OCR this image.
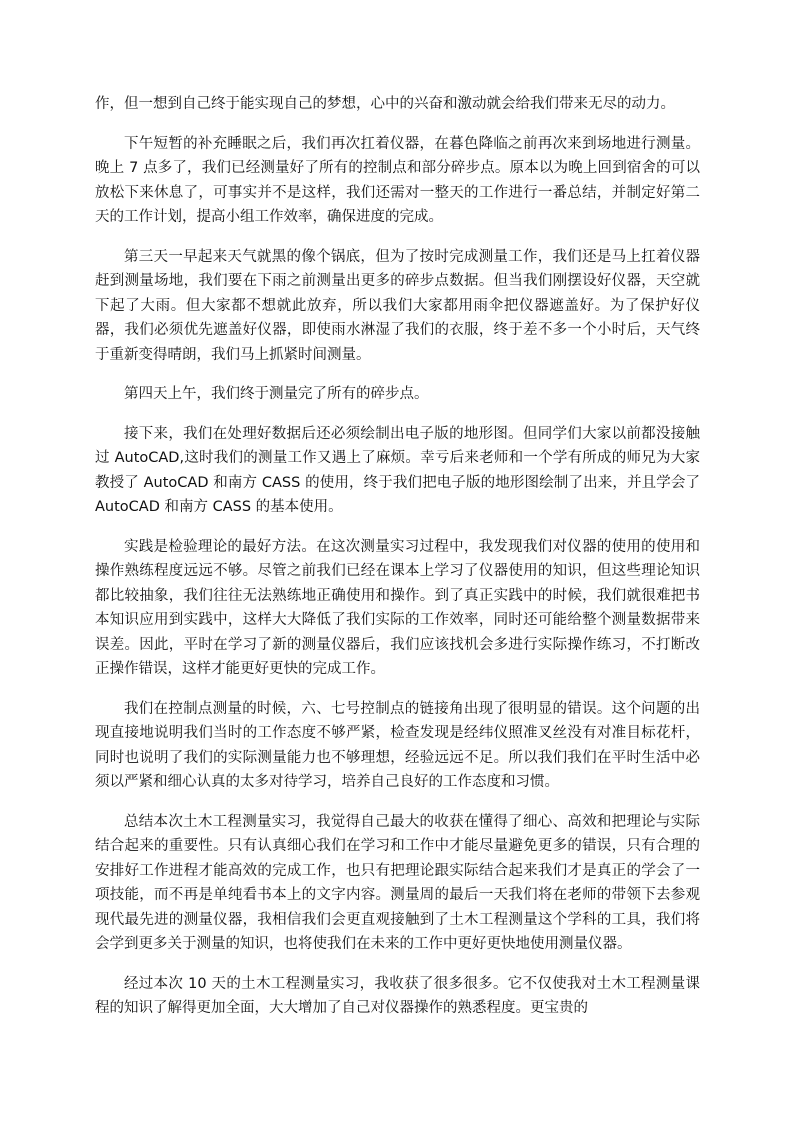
作，但一想到自己终于能实现自己的梦想，心中的兴奋和激动就会给我们带来无尽的动力。

下午短暂的补充睡眠之后，我们再次扛着仪器，在暮色降临之前再次来到场地进行测量。晚上 7 点多了，我们已经测量好了所有的控制点和部分碎步点。原本以为晚上回到宿舍的可以放松下来休息了，可事实并不是这样，我们还需对一整天的工作进行一番总结，并制定好第二天的工作计划，提高小组工作效率，确保进度的完成。

第三天一早起来天气就黑的像个锅底，但为了按时完成测量工作，我们还是马上扛着仪器赶到测量场地，我们要在下雨之前测量出更多的碎步点数据。但当我们刚摆设好仪器，天空就下起了大雨。但大家都不想就此放弃，所以我们大家都用雨伞把仪器遮盖好。为了保护好仪器，我们必须优先遮盖好仪器，即使雨水淋湿了我们的衣服，终于差不多一个小时后，天气终于重新变得晴朗，我们马上抓紧时间测量。

第四天上午，我们终于测量完了所有的碎步点。

接下来，我们在处理好数据后还必须绘制出电子版的地形图。但同学们大家以前都没接触过 AutoCAD,这时我们的测量工作又遇上了麻烦。幸亏后来老师和一个学有所成的师兄为大家教授了 AutoCAD 和南方 CASS 的使用，终于我们把电子版的地形图绘制了出来，并且学会了 AutoCAD 和南方 CASS 的基本使用。

实践是检验理论的最好方法。在这次测量实习过程中，我发现我们对仪器的使用的使用和操作熟练程度远远不够。尽管之前我们已经在课本上学习了仪器使用的知识，但这些理论知识都比较抽象，我们往往无法熟练地正确使用和操作。到了真正实践中的时候，我们就很难把书本知识应用到实践中，这样大大降低了我们实际的工作效率，同时还可能给整个测量数据带来误差。因此，平时在学习了新的测量仪器后，我们应该找机会多进行实际操作练习，不打断改正操作错误，这样才能更好更快的完成工作。

我们在控制点测量的时候，六、七号控制点的链接角出现了很明显的错误。这个问题的出现直接地说明我们当时的工作态度不够严紧，检查发现是经纬仪照准叉丝没有对准目标花杆，同时也说明了我们的实际测量能力也不够理想，经验远远不足。所以我们我们在平时生活中必须以严紧和细心认真的太多对待学习，培养自己良好的工作态度和习惯。

总结本次土木工程测量实习，我觉得自己最大的收获在懂得了细心、高效和把理论与实际结合起来的重要性。只有认真细心我们在学习和工作中才能尽量避免更多的错误，只有合理的安排好工作进程才能高效的完成工作，也只有把理论跟实际结合起来我们才是真正的学会了一项技能，而不再是单纯看书本上的文字内容。测量周的最后一天我们将在老师的带领下去参观现代最先进的测量仪器，我相信我们会更直观接触到了土木工程测量这个学科的工具，我们将会学到更多关于测量的知识，也将使我们在未来的工作中更好更快地使用测量仪器。

经过本次 10 天的土木工程测量实习，我收获了很多很多。它不仅使我对土木工程测量课程的知识了解得更加全面，大大增加了自己对仪器操作的熟悉程度。更宝贵的
